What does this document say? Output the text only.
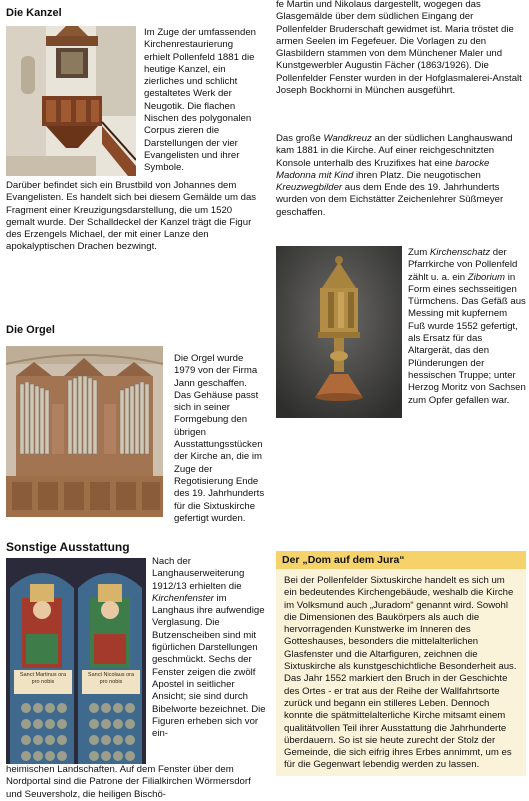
Die Kanzel

Im Zuge der umfassenden Kirchenrestaurierung erhielt Pollenfeld 1881 die heutige Kanzel, ein zierliches und schlicht gestaltetes Werk der Neugotik. Die flachen Nischen des polygonalen Corpus zieren die Darstellungen der vier Evangelisten und ihrer Symbole.

Darüber befindet sich ein Brustbild von Johannes dem Evangelisten. Es handelt sich bei diesem Gemälde um das Fragment einer Kreuzigungsdarstellung, die um 1520 gemalt wurde. Der Schalldeckel der Kanzel trägt die Figur des Erzengels Michael, der mit einer Lanze den apokalyptischen Drachen bezwingt.

Die Orgel

Die Orgel wurde 1979 von der Firma Jann geschaffen. Das Gehäuse passt sich in seiner Formgebung den übrigen Ausstattungsstücken der Kirche an, die im Zuge der Regotisierung Ende des 19. Jahrhunderts für die Sixtuskirche gefertigt wurden.

Sonstige Ausstattung
Sanct Martinus ora pro nobis
Sanct Nicolaus ora pro nobis

Nach der Langhauserweiterung 1912/13 erhielten die Kirchenfenster im Langhaus ihre aufwendige Verglasung. Die Butzenscheiben sind mit figürlichen Darstellungen geschmückt. Sechs der Fenster zeigen die zwölf Apostel in seitlicher Ansicht; sie sind durch Bibelworte bezeichnet. Die Figuren erheben sich vor ein-

heimischen Landschaften. Auf dem Fenster über dem Nordportal sind die Patrone der Filialkirchen Wörmersdorf und Seuversholz, die heiligen Bischö-

fe Martin und Nikolaus dargestellt, wogegen das Glasgemälde über dem südlichen Eingang der Pollenfelder Bruderschaft gewidmet ist. Maria tröstet die armen Seelen im Fegefeuer. Die Vorlagen zu den Glasbildern stammen von dem Münchener Maler und Kunstgewerbler Augustin Fächer (1863/1926). Die Pollenfelder Fenster wurden in der Hofglasmalerei-Anstalt Joseph Bockhorni in München ausgeführt.

Das große Wandkreuz an der südlichen Langhauswand kam 1881 in die Kirche. Auf einer reichgeschnitzten Konsole unterhalb des Kruzifixes hat eine barocke Madonna mit Kind ihren Platz. Die neugotischen Kreuzwegbilder aus dem Ende des 19. Jahrhunderts wurden von dem Eichstätter Zeichenlehrer Süßmeyer geschaffen.

Zum Kirchenschatz der Pfarrkirche von Pollenfeld zählt u. a. ein Ziborium in Form eines sechsseitigen Türmchens. Das Gefäß aus Messing mit kupfernem Fuß wurde 1552 gefertigt, als Ersatz für das Altargerät, das den Plünderungen der hessischen Truppe; unter Herzog Moritz von Sachsen zum Opfer gefallen war.

Der „Dom auf dem Jura“
Bei der Pollenfelder Sixtuskirche handelt es sich um ein bedeutendes Kirchengebäude, weshalb die Kirche im Volksmund auch „Juradom“ genannt wird. Sowohl die Dimensionen des Baukörpers als auch die hervorragenden Kunstwerke im Inneren des Gotteshauses, besonders die mittelalterlichen Glasfenster und die Altarfiguren, zeichnen die Sixtuskirche als kunstgeschichtliche Besonderheit aus. Das Jahr 1552 markiert den Bruch in der Geschichte des Ortes - er trat aus der Reihe der Wallfahrtsorte zurück und begann ein stilleres Leben. Dennoch konnte die spätmittelalterliche Kirche mitsamt einem qualitätvollen Teil ihrer Ausstattung die Jahrhunderte überdauern. So ist sie heute zurecht der Stolz der Gemeinde, die sich eifrig ihres Erbes annimmt, um es für die Gegenwart lebendig werden zu lassen.
